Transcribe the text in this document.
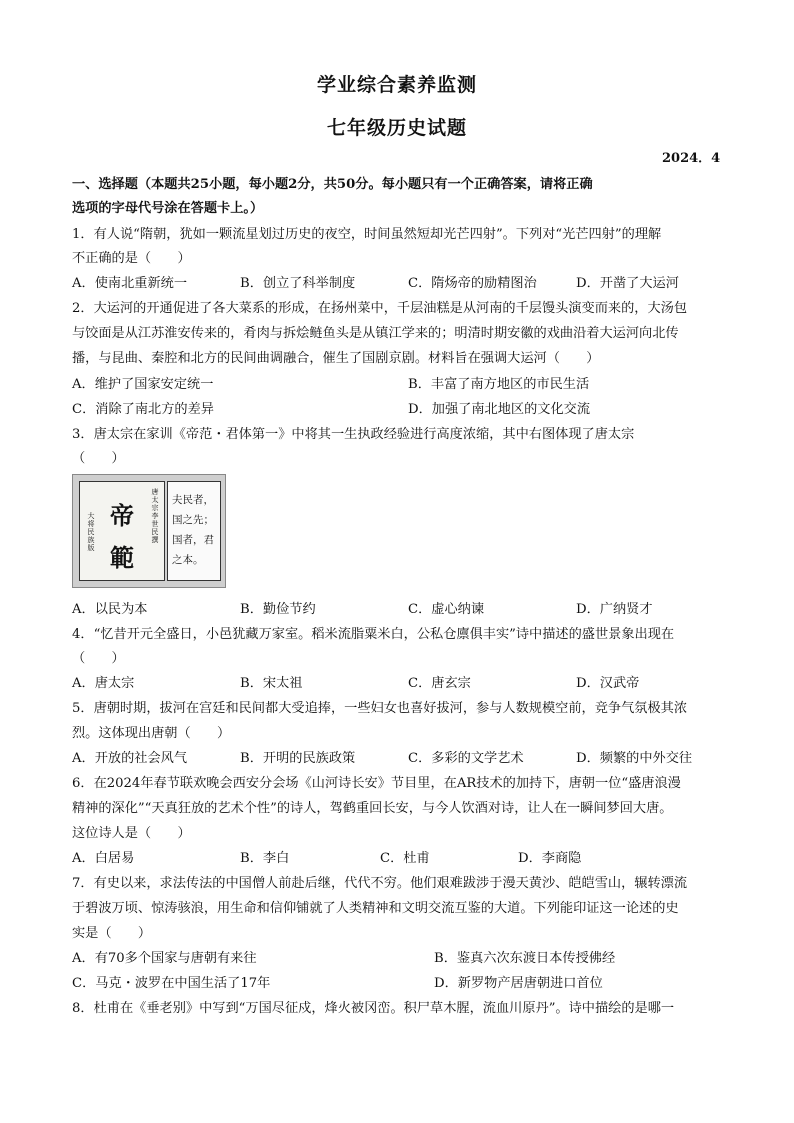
学业综合素养监测
七年级历史试题
2024．4
一、选择题（本题共25小题，每小题2分，共50分。每小题只有一个正确答案，请将正确
选项的字母代号涂在答题卡上。）
1．有人说“隋朝，犹如一颗流星划过历史的夜空，时间虽然短却光芒四射”。下列对“光芒四射”的理解
不正确的是（　　）
A．使南北重新统一	B．创立了科举制度	C．隋炀帝的励精图治	D．开凿了大运河
2．大运河的开通促进了各大菜系的形成，在扬州菜中，千层油糕是从河南的千层馒头演变而来的，大汤包
与饺面是从江苏淮安传来的，肴肉与拆烩鲢鱼头是从镇江学来的；明清时期安徽的戏曲沿着大运河向北传
播，与昆曲、秦腔和北方的民间曲调融合，催生了国剧京剧。材料旨在强调大运河（　　）
A．维护了国家安定统一	B．丰富了南方地区的市民生活
C．消除了南北方的差异	D．加强了南北地区的文化交流
3．唐太宗在家训《帝范・君体第一》中将其一生执政经验进行高度浓缩，其中右图体现了唐太宗
（　　）
唐太宗李世民撰
大将民族版 帝
範
夫民者，国之先；国者，君之本。
A．以民为本	B．勤俭节约	C．虚心纳谏	D．广纳贤才
4．“忆昔开元全盛日，小邑犹藏万家室。稻米流脂粟米白，公私仓廪俱丰实”诗中描述的盛世景象出现在
（　　）
A．唐太宗	B．宋太祖	C．唐玄宗	D．汉武帝
5．唐朝时期，拔河在宫廷和民间都大受追捧，一些妇女也喜好拔河，参与人数规模空前，竞争气氛极其浓
烈。这体现出唐朝（　　）
A．开放的社会风气	B．开明的民族政策	C．多彩的文学艺术	D．频繁的中外交往
6．在2024年春节联欢晚会西安分会场《山河诗长安》节目里，在AR技术的加持下，唐朝一位“盛唐浪漫
精神的深化”“天真狂放的艺术个性”的诗人，驾鹤重回长安，与今人饮酒对诗，让人在一瞬间梦回大唐。
这位诗人是（　　）
A．白居易	B．李白	C．杜甫	D．李商隐
7．有史以来，求法传法的中国僧人前赴后继，代代不穷。他们艰难跋涉于漫天黄沙、皑皑雪山，辗转漂流
于碧波万顷、惊涛骇浪，用生命和信仰铺就了人类精神和文明交流互鉴的大道。下列能印证这一论述的史
实是（　　）
A．有70多个国家与唐朝有来往	B．鉴真六次东渡日本传授佛经
C．马克・波罗在中国生活了17年	D．新罗物产居唐朝进口首位
8．杜甫在《垂老别》中写到“万国尽征戍，烽火被冈峦。积尸草木腥，流血川原丹”。诗中描绘的是哪一
